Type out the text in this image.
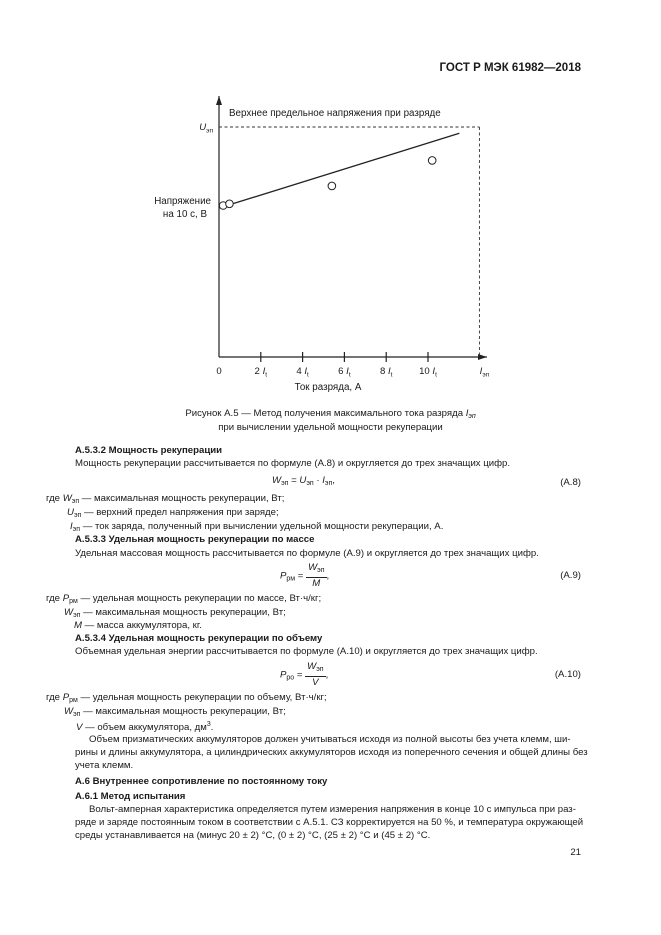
ГОСТ Р МЭК 61982—2018
Верхнее предельное напряжения при разряде
$U_{эп}$
Напряжение
на 10 с, В
0	2 $I_t$	4 $I_t$	6 $I_t$	8 $I_t$	10 $I_t$	$I_{эп}$
Ток разряда, А
Рисунок А.5 — Метод получения максимального тока разряда $I_{эп}$
при вычислении удельной мощности рекуперации
А.5.3.2 Мощность рекуперации
Мощность рекуперации рассчитывается по формуле (А.8) и округляется до трех значащих цифр.
$W_{эп} = U_{эп} \cdot I_{эп}$,	(А.8)
где $W_{эп}$ — максимальная мощность рекуперации, Вт;
$U_{эп}$ — верхний предел напряжения при заряде;
$I_{эп}$ — ток заряда, полученный при вычислении удельной мощности рекуперации, А.
А.5.3.3 Удельная мощность рекуперации по массе
Удельная массовая мощность рассчитывается по формуле (А.9) и округляется до трех значащих цифр.
$P_{рм} = \frac{W_{эп}}{M}$ ,	(А.9)
где $P_{рм}$ — удельная мощность рекуперации по массе, Вт·ч/кг;
$W_{эп}$ — максимальная мощность рекуперации, Вт;
M — масса аккумулятора, кг.
А.5.3.4 Удельная мощность рекуперации по объему
Объемная удельная энергии рассчитывается по формуле (А.10) и округляется до трех значащих цифр.
$P_{ро} = \frac{W_{эп}}{V}$ ,	(А.10)
где $P_{рм}$ — удельная мощность рекуперации по объему, Вт·ч/кг;
$W_{эп}$ — максимальная мощность рекуперации, Вт;
V — объем аккумулятора, $дм^3$.
Объем призматических аккумуляторов должен учитываться исходя из полной высоты без учета клемм, ши-
рины и длины аккумулятора, а цилиндрических аккумуляторов исходя из поперечного сечения и общей длины без
учета клемм.
А.6 Внутреннее сопротивление по постоянному току
А.6.1 Метод испытания
Вольт-амперная характеристика определяется путем измерения напряжения в конце 10 с импульса при раз-
ряде и заряде постоянным током в соответствии с А.5.1. СЗ корректируется на 50 %, и температура окружающей
среды устанавливается на (минус 20 ± 2) °С, (0 ± 2) °С, (25 ± 2) °С и (45 ± 2) °С.
21
